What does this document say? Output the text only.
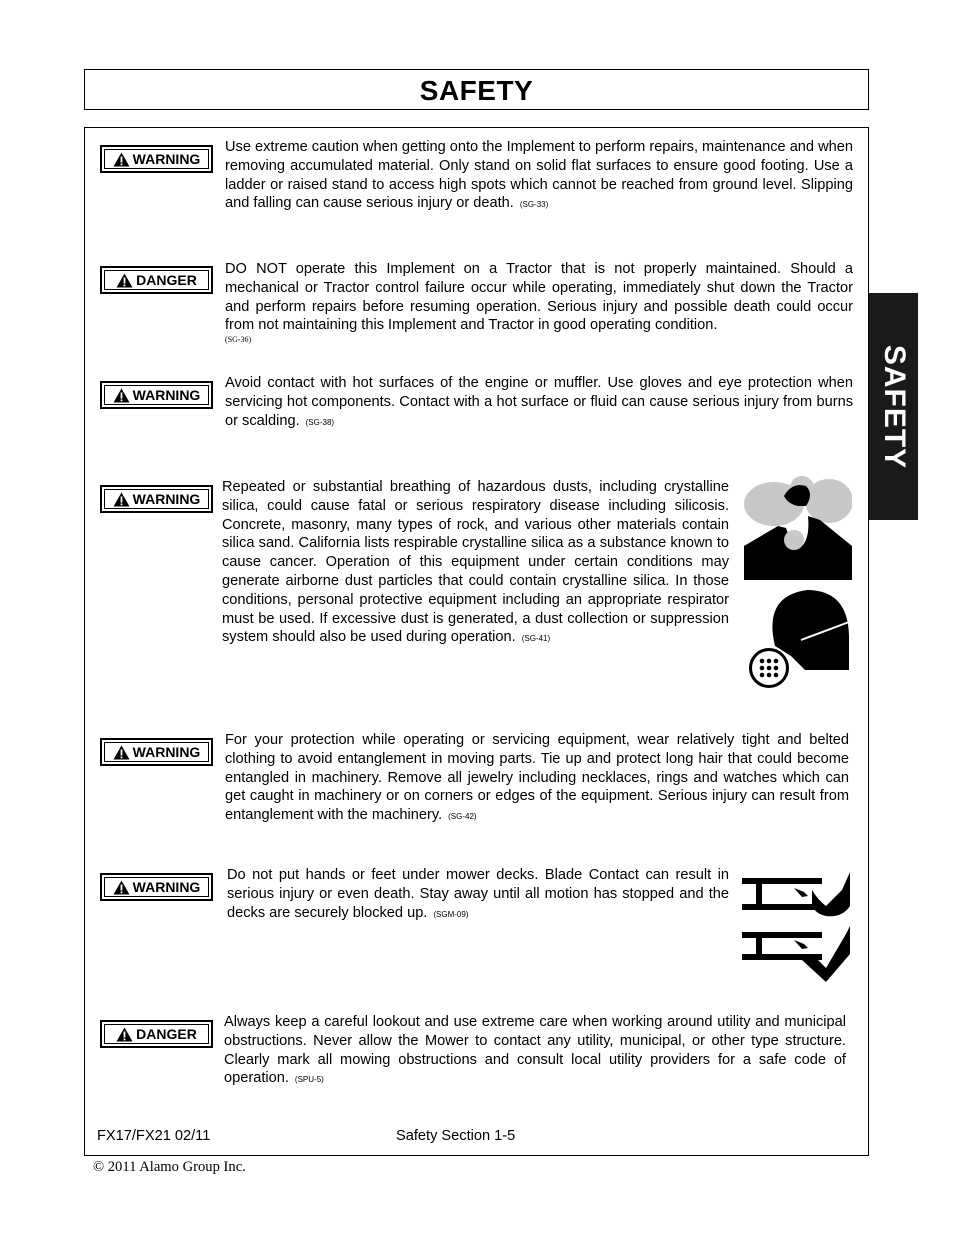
SAFETY
SAFETY
WARNING
Use extreme caution when getting onto the Implement to perform repairs, maintenance and when removing accumulated material. Only stand on solid flat surfaces to ensure good footing. Use a ladder or raised stand to access high spots which cannot be reached from ground level. Slipping and falling can cause serious injury or death. (SG-33)
DANGER
DO NOT operate this Implement on a Tractor that is not properly maintained. Should a mechanical or Tractor control failure occur while operating, immediately shut down the Tractor and perform repairs before resuming operation. Serious injury and possible death could occur from not maintaining this Implement and Tractor in good operating condition.
(SG-36)
WARNING
Avoid contact with hot surfaces of the engine or muffler. Use gloves and eye protection when servicing hot components. Contact with a hot surface or fluid can cause serious injury from burns or scalding. (SG-38)
WARNING
Repeated or substantial breathing of hazardous dusts, including crystalline silica, could cause fatal or serious respiratory disease including silicosis. Concrete, masonry, many types of rock, and various other materials contain silica sand. California lists respirable crystalline silica as a substance known to cause cancer. Operation of this equipment under certain conditions may generate airborne dust particles that could contain crystalline silica. In those conditions, personal protective equipment including an appropriate respirator must be used. If excessive dust is generated, a dust collection or suppression system should also be used during operation. (SG-41)
WARNING
For your protection while operating or servicing equipment, wear relatively tight and belted clothing to avoid entanglement in moving parts. Tie up and protect long hair that could become entangled in machinery. Remove all jewelry including necklaces, rings and watches which can get caught in machinery or on corners or edges of the equipment. Serious injury can result from entanglement with the machinery. (SG-42)
WARNING
Do not put hands or feet under mower decks. Blade Contact can result in serious injury or even death. Stay away until all motion has stopped and the decks are securely blocked up. (SGM-09)
DANGER
Always keep a careful lookout and use extreme care when working around utility and municipal obstructions. Never allow the Mower to contact any utility, municipal, or other type structure. Clearly mark all mowing obstructions and consult local utility providers for a safe code of operation. (SPU-5)
FX17/FX21 02/11	Safety Section 1-5
© 2011 Alamo Group Inc.
